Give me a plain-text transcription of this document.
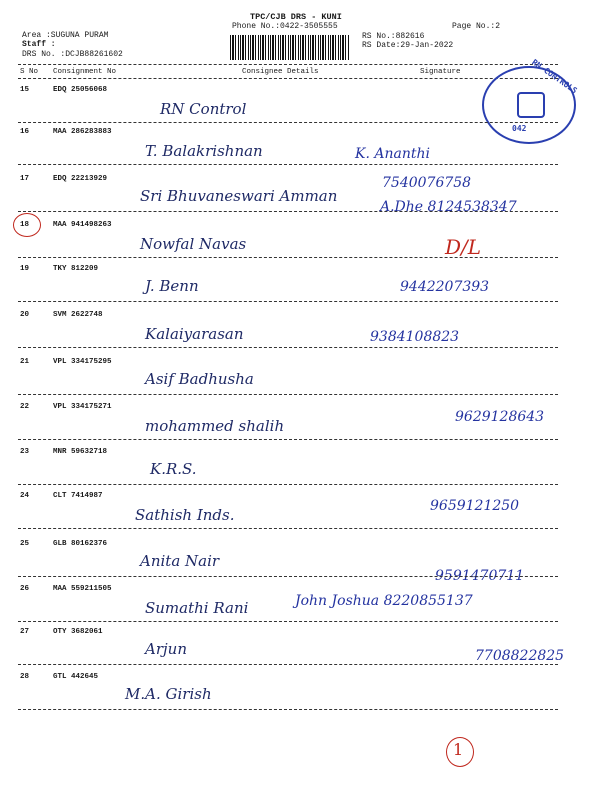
TPC/CJB DRS - KUNI
Phone No.:0422-3505555	Page No.:2
Area :SUGUNA PURAM
Staff :
DRS No. :DCJB88261602
RS No.:882616
RS Date:29-Jan-2022
S No Consignment No	Consignee Details	Signature	RN CONTROLS
042
15	EDQ 25056068
RN Control
16	MAA 286283883
T. Balakrishnan	K. Ananthi
17	EDQ 22213929
Sri Bhuvaneswari Amman
7540076758
A.Dhe 8124538347
18	MAA 941498263
Nowfal Navas	D/L
19	TKY 812209
J. Benn	9442207393
20	SVM 2622748
Kalaiyarasan	9384108823
21	VPL 334175295
Asif Badhusha
22	VPL 334175271
mohammed shalih	9629128643
23	MNR 59632718
K.R.S.
24	CLT 7414987
Sathish Inds.	9659121250
25	GLB 80162376
Anita Nair
9591470711
26	MAA 559211505
Sumathi Rani	John Joshua 8220855137
27	OTY 3682061
Arjun	7708822825
28	GTL 442645
M.A. Girish
1
